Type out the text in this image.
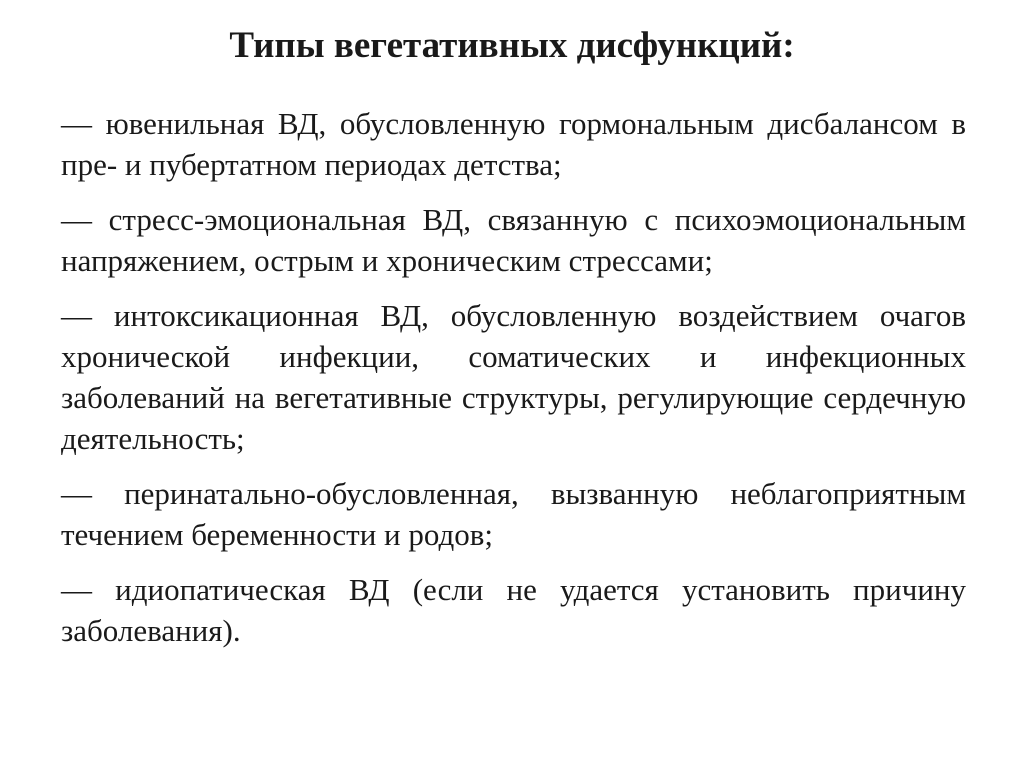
Типы вегетативных дисфункций:
— ювенильная ВД, обусловленную гормональным дисбалансом в пре- и пубертатном периодах детства;
— стресс-эмоциональная ВД, связанную с психоэмоциональным напряжением, острым и хроническим стрессами;
— интоксикационная ВД, обусловленную воздействием очагов хронической инфекции, соматических и инфекционных заболеваний на вегетативные структуры, регулирующие сердечную деятельность;
— перинатально-обусловленная, вызванную неблагоприятным течением беременности и родов;
— идиопатическая ВД (если не удается установить причину заболевания).
